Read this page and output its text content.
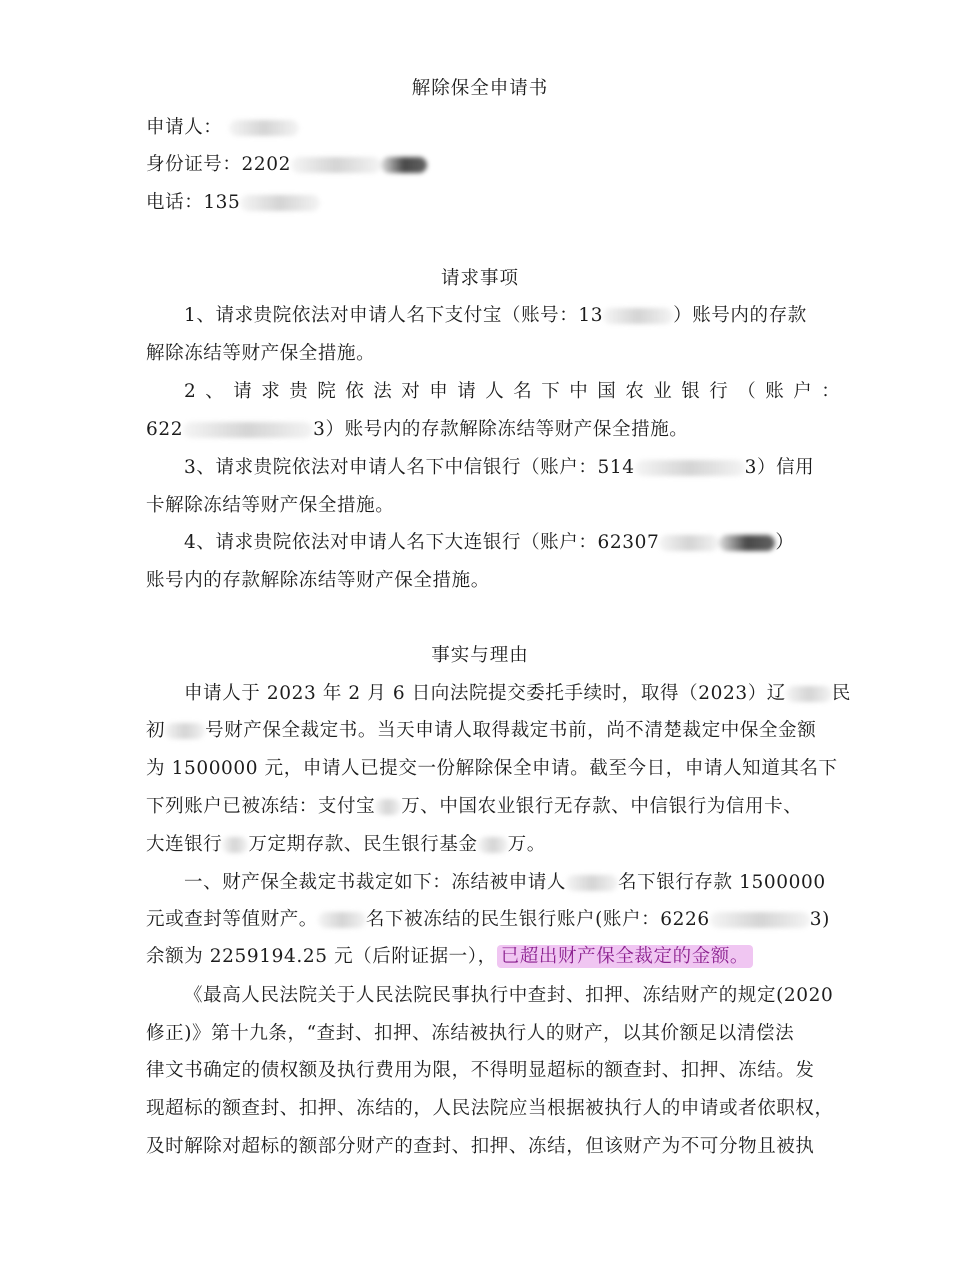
解除保全申请书
申请人：
身份证号：2202
电话：135
请求事项
1、请求贵院依法对申请人名下支付宝（账号：13	）账号内的存款
解除冻结等财产保全措施。
2、请求贵院依法对申请人名下中国农业银行（账户：
622	3）账号内的存款解除冻结等财产保全措施。
3、请求贵院依法对申请人名下中信银行（账户：514	3）信用
卡解除冻结等财产保全措施。
4、请求贵院依法对申请人名下大连银行（账户：62307	）
账号内的存款解除冻结等财产保全措施。
事实与理由
申请人于 2023 年 2 月 6 日向法院提交委托手续时，取得（2023）辽 民
初 号财产保全裁定书。当天申请人取得裁定书前，尚不清楚裁定中保全金额
为 1500000 元，申请人已提交一份解除保全申请。截至今日，申请人知道其名下
下列账户已被冻结：支付宝 万、中国农业银行无存款、中信银行为信用卡、
大连银行 万定期存款、民生银行基金 万。
一、财产保全裁定书裁定如下：冻结被申请人	名下银行存款 1500000
元或查封等值财产。	名下被冻结的民生银行账户(账户：6226	3)
余额为 2259194.25 元（后附证据一）， 已超出财产保全裁定的金额。
《最高人民法院关于人民法院民事执行中查封、扣押、冻结财产的规定(2020
修正)》第十九条，“查封、扣押、冻结被执行人的财产，以其价额足以清偿法
律文书确定的债权额及执行费用为限，不得明显超标的额查封、扣押、冻结。发
现超标的额查封、扣押、冻结的，人民法院应当根据被执行人的申请或者依职权，
及时解除对超标的额部分财产的查封、扣押、冻结，但该财产为不可分物且被执
